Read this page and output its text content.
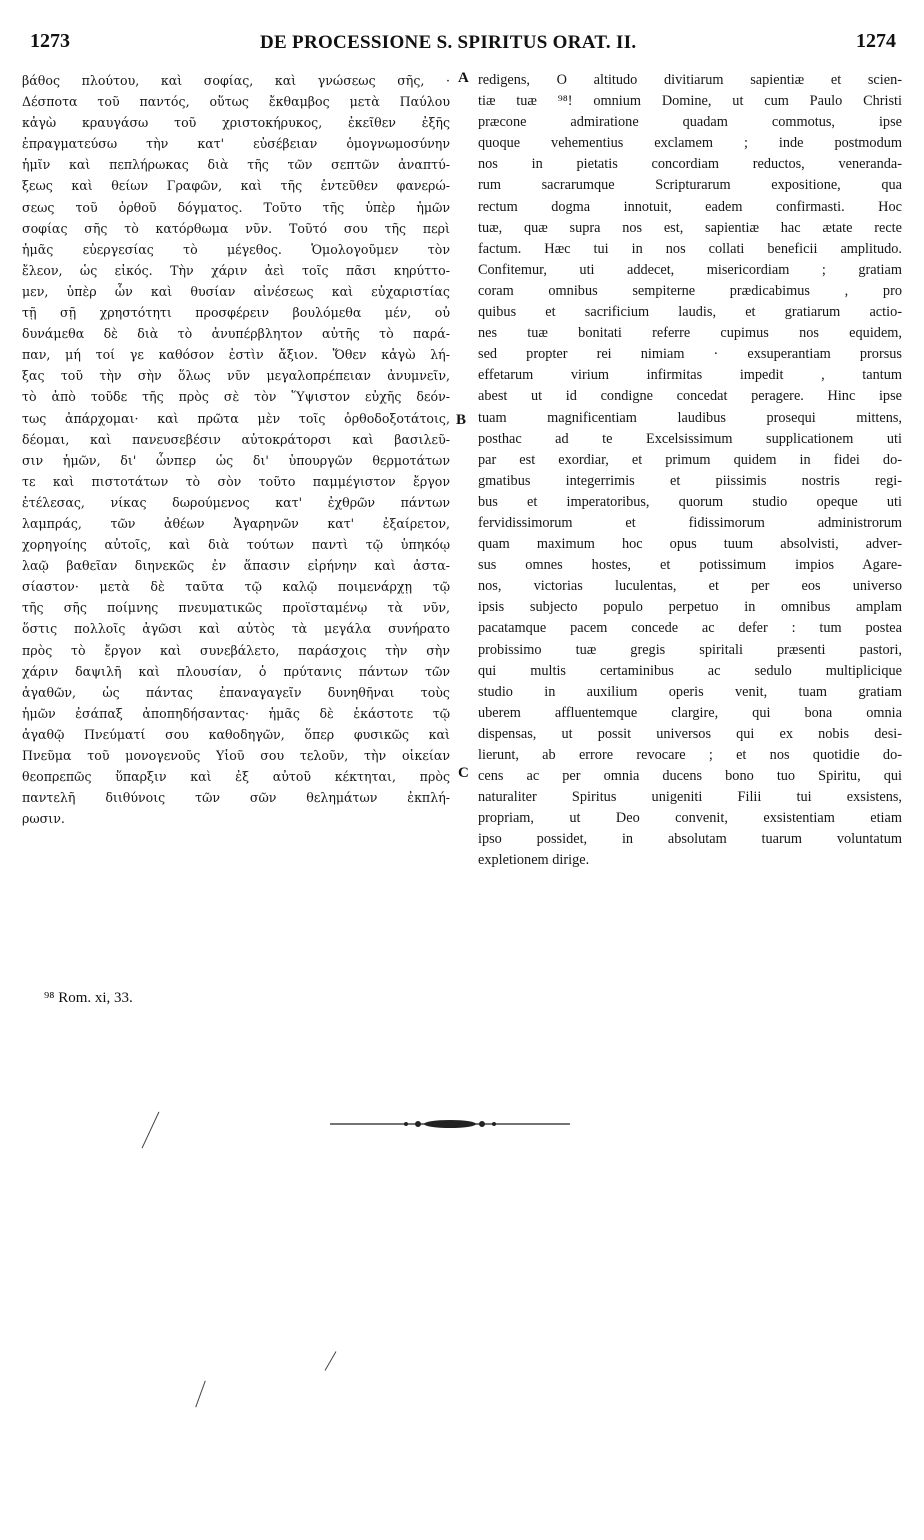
1273	DE PROCESSIONE S. SPIRITUS ORAT. II.	1274
βάθος πλούτου, καὶ σοφίας, καὶ γνώσεως σῆς, ·
Δέσποτα τοῦ παντός, οὕτως ἔκθαμβος μετὰ Παύλου
κἀγὼ κραυγάσω τοῦ χριστοκήρυκος, ἐκεῖθεν ἐξῆς
ἐπραγματεύσω τὴν κατ' εὐσέβειαν ὁμογνωμοσύνην
ἡμῖν καὶ πεπλήρωκας διὰ τῆς τῶν σεπτῶν ἀναπτύ-
ξεως καὶ θείων Γραφῶν, καὶ τῆς ἐντεῦθεν φανερώ-
σεως τοῦ ὀρθοῦ δόγματος. Τοῦτο τῆς ὑπὲρ ἡμῶν
σοφίας σῆς τὸ κατόρθωμα νῦν. Τοῦτό σου τῆς περὶ
ἡμᾶς εὐεργεσίας τὸ μέγεθος. Ὁμολογοῦμεν τὸν
ἔλεον, ὡς εἰκός. Τὴν χάριν ἀεὶ τοῖς πᾶσι κηρύττο-
μεν, ὑπὲρ ὧν καὶ θυσίαν αἰνέσεως καὶ εὐχαριστίας
τῇ σῇ χρηστότητι προσφέρειν βουλόμεθα μέν, οὐ
δυνάμεθα δὲ διὰ τὸ ἀνυπέρβλητον αὐτῆς τὸ παρά-
παν, μή τοί γε καθόσον ἐστὶν ἄξιον. Ὅθεν κἀγὼ λή-
ξας τοῦ τὴν σὴν ὅλως νῦν μεγαλοπρέπειαν ἀνυμνεῖν,
τὸ ἀπὸ τοῦδε τῆς πρὸς σὲ τὸν Ὕψιστον εὐχῆς δεόν-
τως ἀπάρχομαι· καὶ πρῶτα μὲν τοῖς ὀρθοδοξοτάτοις,
δέομαι, καὶ πανευσεβέσιν αὐτοκράτορσι καὶ βασιλεῦ-
σιν ἡμῶν, δι' ὧνπερ ὡς δι' ὑπουργῶν θερμοτάτων
τε καὶ πιστοτάτων τὸ σὸν τοῦτο παμμέγιστον ἔργον
ἐτέλεσας, νίκας δωρούμενος κατ' ἐχθρῶν πάντων
λαμπράς, τῶν ἀθέων Ἀγαρηνῶν κατ' ἐξαίρετον,
χορηγοίης αὐτοῖς, καὶ διὰ τούτων παντὶ τῷ ὑπηκόῳ
λαῷ βαθεῖαν διηνεκῶς ἐν ἅπασιν εἰρήνην καὶ ἀστα-
σίαστον· μετὰ δὲ ταῦτα τῷ καλῷ ποιμενάρχῃ τῷ
τῆς σῆς ποίμνης πνευματικῶς προϊσταμένῳ τὰ νῦν,
ὅστις πολλοῖς ἀγῶσι καὶ αὐτὸς τὰ μεγάλα συνήρατο
πρὸς τὸ ἔργον καὶ συνεβάλετο, παράσχοις τὴν σὴν
χάριν δαψιλῆ καὶ πλουσίαν, ὁ πρύτανις πάντων τῶν
ἀγαθῶν, ὡς πάντας ἐπαναγαγεῖν δυνηθῆναι τοὺς
ἡμῶν ἐσάπαξ ἀποπηδήσαντας· ἡμᾶς δὲ ἑκάστοτε τῷ
ἀγαθῷ Πνεύματί σου καθοδηγῶν, ὅπερ φυσικῶς καὶ
Πνεῦμα τοῦ μονογενοῦς Υἱοῦ σου τελοῦν, τὴν οἰκείαν
θεοπρεπῶς ὕπαρξιν καὶ ἐξ αὐτοῦ κέκτηται, πρὸς
παντελῆ διιθύνοις τῶν σῶν θελημάτων ἐκπλή-
ρωσιν.
redigens, O altitudo divitiarum sapientiæ et scien-
tiæ tuæ ⁹⁸! omnium Domine, ut cum Paulo Christi
præcone admiratione quadam commotus, ipse
quoque vehementius exclamem ; inde postmodum
nos in pietatis concordiam reductos, veneranda-
rum sacrarumque Scripturarum expositione, qua
rectum dogma innotuit, eadem confirmasti. Hoc
tuæ, quæ supra nos est, sapientiæ hac ætate recte
factum. Hæc tui in nos collati beneficii amplitudo.
Confitemur, uti addecet, misericordiam ; gratiam
coram omnibus sempiterne prædicabimus , pro
quibus et sacrificium laudis, et gratiarum actio-
nes tuæ bonitati referre cupimus nos equidem,
sed propter rei nimiam · exsuperantiam prorsus
effetarum virium infirmitas impedit , tantum
abest ut id condigne concedat peragere. Hinc ipse
tuam magnificentiam laudibus prosequi mittens,
posthac ad te Excelsissimum supplicationem uti
par est exordiar, et primum quidem in fidei do-
gmatibus integerrimis et piissimis nostris regi-
bus et imperatoribus, quorum studio opeque uti
fervidissimorum et fidissimorum administrorum
quam maximum hoc opus tuum absolvisti, adver-
sus omnes hostes, et potissimum impios Agare-
nos, victorias luculentas, et per eos universo
ipsis subjecto populo perpetuo in omnibus amplam
pacatamque pacem concede ac defer : tum postea
probissimo tuæ gregis spiritali præsenti pastori,
qui multis certaminibus ac sedulo multiplicique
studio in auxilium operis venit, tuam gratiam
uberem affluentemque clargire, qui bona omnia
dispensas, ut possit universos qui ex nobis desi-
lierunt, ab errore revocare ; et nos quotidie do-
cens ac per omnia ducens bono tuo Spiritu, qui
naturaliter Spiritus unigeniti Filii tui exsistens,
propriam, ut Deo convenit, exsistentiam etiam
ipso possidet, in absolutam tuarum voluntatum
expletionem dirige.
A
B
C
⁹⁸ Rom. xi, 33.
